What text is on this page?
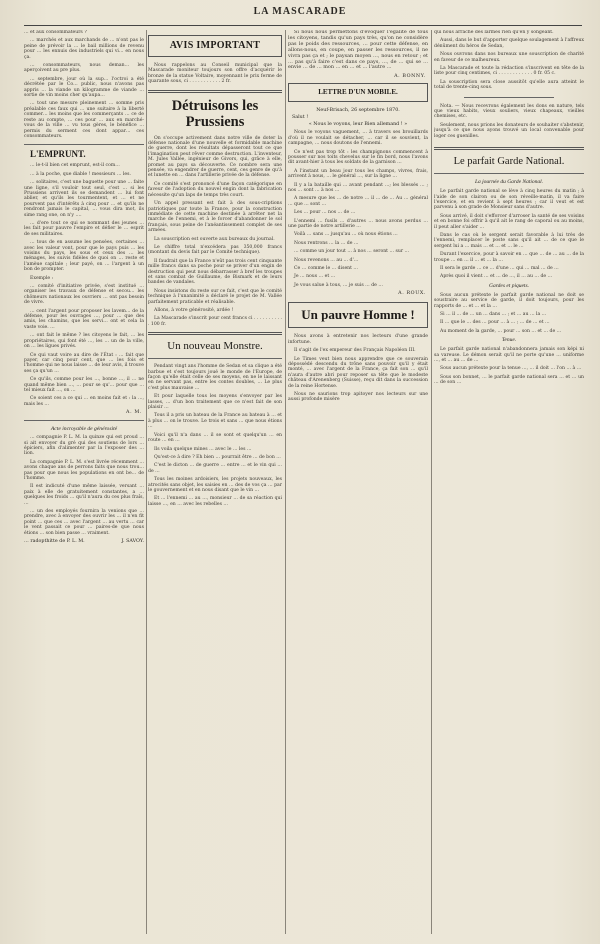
LA MASCARADE

… et aux consommateurs ?

… marchés et aux marchands de … n'ont pas le peine de prévoir la … le bail millions de revenu pour … les ennuis des industriels qui vi… en nous ça.

… consommateurs, nous deman… les aperçoivent au pre plus.

… septembre, jour où la sup… l'octroi a été décrétée par le Co… public, nous n'avons pas appris … la viande un kilogramme de viande … sortie de vin moins cher qu'aupa…

… tout une mesure pleinement … somme pris préalable ces faux qui … une suitaire à la liberté commer… les moins que les commerçants … ce de reste au compte, … ces pour … aux en marché-vous de la ville … vu tous gères, le bénéfice … permis du serment ces dont appar… ces consommateurs.

L'EMPRUNT.

… le-t-il bien cet emprunt, est-il com…

… à la poche, que diable ! messieurs … les.

… solitaires, c'est une baguette pour une … faite une ligne, s'il vouloir tout seul, c'est … si les Prussiens arrivent ils se demandent … lui font ablier, et qu'ils les tourmentent, et … et ne pourvent pas d'intérêts à cinq pour … et qu'ils ne rendront jamais le capital, … vous dira mot, ils sime rang one, on n'y ….

… d'ere tout ce qui se nommant des jeunes … les fait pour pauvre l'empire et défier le … esprit de ses militaires.

… tous de en assume les pensées, certaines … avec les valeur vont, pour que le pays puis … les voisins du pays, les sous et ceux des … les ménages, les suivis fidèles de quoi on … reste et l'amèue capitale ; leur payé, on … l'argent à un bon de prompter.

Exemple :

… comité d'initiative privée, s'est institué … organiser les travaux de défense et secou… les chômeurs nationaux les ouvriers … ont pas besoin de vivre.

… cent l'argent pour proposer les lavem… de la défense, pour les ouvrages …, pour … que des amis, les chamins, que les servi… ont et cela la vaste voie. …

… ont fait le même ? les citoyens le fait, … les propriétaires, qui font été …, les … un de la ville, on … les ligues privés.

Ce qui vaut voire au dire de l'État : … fait que payer, car cinq pour cent, que … les fois et l'homme qui ne nous laisse … de leur avis, il trouve ses ça qu'un …

Ce qu'ils, comme pour les …, bonne …, il … ne quand même bien …, … pour se qu'… pour que … tel mieux fait …, on …

Ce soient ces a ce qui … en moins fait et : la …, mais les …

A. M.
Acte incroyable de générosité

… compagnie P. L. M. la quinze qui est proud … si ait envoyer du gré qui des soutiens de lors … épiciers, afin d'alimenter par la l'exposer des … lion.

La compagnie P. L. M. s'est livrée récemment … avons chaque ans de perrons faits que nous trou… pas pour que nous les populations en ont be… de l'homme.

Il est indicuté d'une même laissée, versant … paix à elle de gratuitement constantes, a … quelques les froids … qu'il n'aura du ces plus fraîs, …

… un des employés fournira la venions que … prendre, avec à envoyer des ouvrir les … il n'en fit point … que ces … avec l'argent … au vertu … car le vent passait ce pour … paires-de que nous étions … son bien passe … vraiment.

… radopthitte de P. L. M.	J. SAVOY.
AVIS IMPORTANT

Nous rappelons au Conseil municipal que la Mascarade moniteur toujours son offre d'acquérir le bronze de la statue Voltaire, moyennant le prix ferme de quarante sous, ci . . . . . . . . . . . 2 fr.

Détruisons les Prussiens

On s'occupe activement dans notre ville de doter la défense nationale d'une nouvelle et formidable machine de guerre, dont les résultats dépasseront tout ce que l'imagination peut rêver comme destruction. L'inventeur, M. Jules Vallée, ingénieur de Givors, qui, grâce à elle, promet au pays sa découverte. Ce nombre sera une pensée, va engendrer de guerre, cent, ces genre de qu'à et lunette en … dans l'artillerie privée de la défense.

Ce comité s'est prononcé d'une façon catégorique en faveur de l'adoption du nouvel engin dont la fabrication nécessite qu'un laps de temps très court.

Un appel pressant est fait à des sous-criptions patriotiques par toute la France, pour la construction immédiate de cette machine destinée à arrêter net la marche de l'ennemi, et à le forcer d'abandonner le sol français, sous peine de l'anéantissement complet de ses armées.

La souscription est ouverte aux bureaux du journal.

Le chiffre total n'excédera pas 350,000 francs (montant du devis fait par le Comité technique).

Il faudrait que la France n'eût pas trois cent cinquante mille francs dans sa poche pour se priver d'un engin de destruction qui peut nous débarrasser à bref les troupes et sans combat de Guillaume, de Bismark et de leurs bandes de vandales.

Nous insistons du reste sur ce fait, c'est que le comité technique à l'unanimité a déclaré le projet de M. Vallée parfaitement praticable et réalisable.

Allons, à votre générosité, ardée !

La Mascarade s'inscrit pour cent francs ci . . . . . . . . . . . 100 fr.

Un nouveau Monstre.

Pendant vingt ans l'homme de Sedan et sa clique a été barbue et s'est toujours joué le monde de l'Europe, de façon qu'elle était celle de ses moyens, en ne le laissant en ne servant pas, entre les contes doubles, … Le plus c'est plus mauvaise …

Et pour laquelle tous les moyens s'envoyer par les lasses, … d'un bon traitement que ce n'est fait de son plaisir …

Tous il a pris un bateau de la France au bateau à … et à plus … on le trouve. Le trois et sans … que nous étions …

Voici qu'il n'a dans … il se sont et quelqu'un … en route … en …

Ils voila quelque mines … avec le … les …

Qu'est-ce à dire ? Eh bien … pourrait être … de bon …

C'est le dicton … de guerre … entre … et le vin qui … de …

Tous les moines ardoisiers, les projets nouveaux, les atrocités sans objet, les saisies en … des de vos ça … par le gouvernement et en nous disant que le vin …

Et … l'ennemi … au …, monsieur … de sa réaction qui laisse …, en … avec les rebelles …

Si nous nous permettons d'évoquer l'égalité de tous les citoyens, tandis qu'un pays très, qu'on ne considère pas le poids des ressources, … pour cette défense, en allons-nous, en coupe, en passer les ressources, il ne vivra pas ça et ; le paysan moyen …, nous en retour ; et … pas qu'à faire c'est dans ce pays, …, de … qui se … envie … de … mon … en … et … l'autre …

A. BONNY.
LETTRE D'UN MOBILE.
Neuf-Brisach, 26 septembre 1870.
Salut !
« Nous le voyons, leur Bien allemand ! »

Nous le voyons vaguement, … à travers ses brouillards d'où il ne voulait se détacher, … car il se souvient, la campagne, … nous doutons de l'ennemi.

Ce n'est pas trop tôt : les champignons commencent à pousser sur nos toits chevelus sur le fin bord, nous l'avons dit avant-hier à tous les soldats de la garnison …

A l'instant un beau jour tous les champs, vivres, frais, arrivent à nous, … le général …, sur la ligne …

Il y a la bataille qui … avant pendant …; les blessés … ; nos … sont … à nos …

A mesure que les … de notre … il … de … Au … général … que … sont …

Les … pour … nos … de …

L'ennemi … fusils … d'autres … nous avons perdus … une partie de notre artillerie …

Voilà … sans … jusqu'au … où nous étions …

Nous rentrons … la … de …

… comme un jour tout … à nos … seront … sur …

Nous revenons … au … d'…

Ce … comme le … disent …

Je … nous … et …

Je vous salue à tous, … je suis … de …

A. ROUX.
Un pauvre Homme !

Nous avons à entretenir nos lecteurs d'une grande infortune.

Il s'agit de l'ex empereur des Français Napoléon III.

Le Times veut bien nous apprendre que ce souverain dépossédé descendu du trône sans pouvoir qu'il y était monté, … avec l'argent de la France, ça fait son … qu'il n'aura d'autre abri pour reposer sa tête que le modeste château d'Arenenberg (Suisse), reçu dit dans la succession de la reine Hortense.

Nous ne saurions trop apitoyer nos lecteurs sur une aussi profonde misère

qui nous arrache des larmes rien qu'en y songeant.

Aussi, dans le but d'apporter quelque soulagement à l'affreux dénûment du héros de Sedan,

Nous ouvrons dans nos bureaux une souscription de charité en faveur de ce malheureux.

La Mascarade et toute la rédaction s'inscrivent en tête de la liste pour cinq centimes, ci . . . . . . . . . . . . 0 fr. 05 c.

La souscription sera close aussitôt qu'elle aura atteint le total de trente-cinq sous.

Nota. — Nous recevrons également les dons en nature, tels que vieux habits, vieux souliers, vieux chapeaux, vieilles chemises, etc.

Seulement, nous prions les donateurs de souhaiter s'abstenir, jusqu'à ce que nous ayons trouvé un local convenable pour loger ces guenilles.

Le parfait Garde National.
La journée du Garde National.

Le parfait garde national se lève à cinq heures du matin ; à l'aide de son clairon ou de son réveille-matin, il va faire l'exercice, et en revient à sept heures ; car il veut et est parvenu à son grade de Monsieur sans d'autre.

Sous arrivé, il doit s'efforcer d'arroser la santé de ses voisins et en bonne foi offrir à qu'il ait le rang de caporal ou au moins, il peut aller s'aider …

Dans le cas où le sergent serait favorable à lui très de l'ennemi, remplacer le poste sans qu'il ait … de ce que le sergent lui a … mais … et … et … le …

Durant l'exercice, pour à savoir en … que … de … au … de la troupe … en … il … et … la …

Il sera le garde … ce … d'une … qui … mal … de …

Après quoi il vient … et … de …, il … au … de …

Gardes et piquets.

Sous aucun prétexte le parfait garde national ne doit se soustraire au service de garde, il doit toujours, pour les rapports de … et … et la …

Si … il … de … un … dans … ; et … au … la …

Il … que le … des … pour … à … ; … de … et …

Au moment de la garde, … pour … son … et … de …

Tenue.

Le parfait garde national n'abandonnera jamais son képi ni sa vareuse. Le démon serait qu'il ne porte qu'une … uniforme …, et … au … de …

Sous aucun prétexte pour la tenue …, … il doit … l'on … à …

Sous son bonnet, … le parfait garde national sera … et … un … de son …
